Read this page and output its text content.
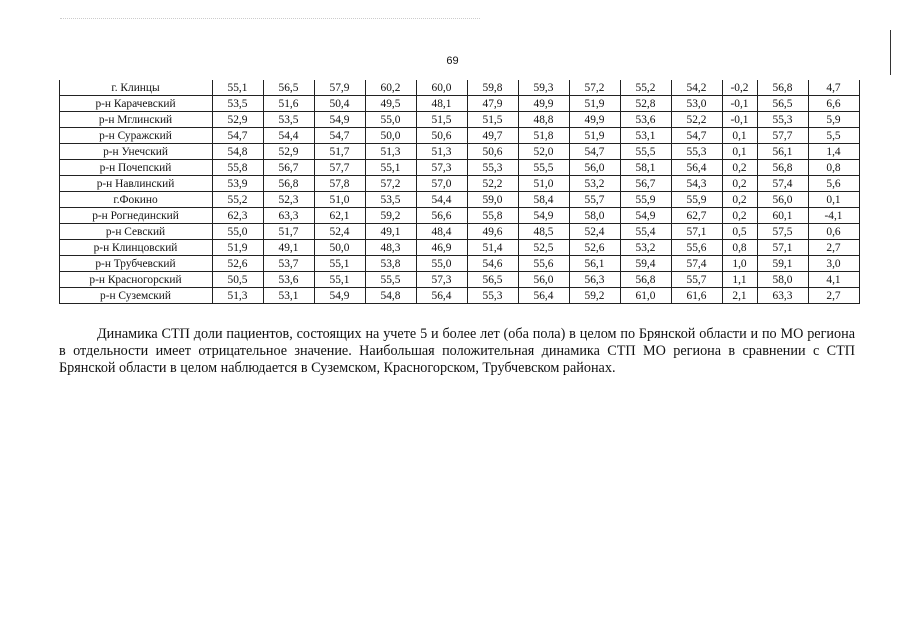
69
г. Клинцы	55,1	56,5	57,9	60,2	60,0	59,8	59,3	57,2	55,2	54,2	-0,2	56,8	4,7
р-н Карачевский	53,5	51,6	50,4	49,5	48,1	47,9	49,9	51,9	52,8	53,0	-0,1	56,5	6,6
р-н Мглинский	52,9	53,5	54,9	55,0	51,5	51,5	48,8	49,9	53,6	52,2	-0,1	55,3	5,9
р-н Суражский	54,7	54,4	54,7	50,0	50,6	49,7	51,8	51,9	53,1	54,7	0,1	57,7	5,5
р-н Унечский	54,8	52,9	51,7	51,3	51,3	50,6	52,0	54,7	55,5	55,3	0,1	56,1	1,4
р-н Почепский	55,8	56,7	57,7	55,1	57,3	55,3	55,5	56,0	58,1	56,4	0,2	56,8	0,8
р-н Навлинский	53,9	56,8	57,8	57,2	57,0	52,2	51,0	53,2	56,7	54,3	0,2	57,4	5,6
г.Фокино	55,2	52,3	51,0	53,5	54,4	59,0	58,4	55,7	55,9	55,9	0,2	56,0	0,1
р-н Рогнединский	62,3	63,3	62,1	59,2	56,6	55,8	54,9	58,0	54,9	62,7	0,2	60,1	-4,1
р-н Севский	55,0	51,7	52,4	49,1	48,4	49,6	48,5	52,4	55,4	57,1	0,5	57,5	0,6
р-н Клинцовский	51,9	49,1	50,0	48,3	46,9	51,4	52,5	52,6	53,2	55,6	0,8	57,1	2,7
р-н Трубчевский	52,6	53,7	55,1	53,8	55,0	54,6	55,6	56,1	59,4	57,4	1,0	59,1	3,0
р-н Красногорский	50,5	53,6	55,1	55,5	57,3	56,5	56,0	56,3	56,8	55,7	1,1	58,0	4,1
р-н Суземский	51,3	53,1	54,9	54,8	56,4	55,3	56,4	59,2	61,0	61,6	2,1	63,3	2,7

Динамика СТП доли пациентов, состоящих на учете 5 и более лет (оба пола) в целом по Брянской области и по МО региона в отдельности имеет отрицательное значение. Наибольшая положительная динамика СТП МО региона в сравнении с СТП Брянской области в целом наблюдается в Суземском, Красногорском, Трубчевском районах.
